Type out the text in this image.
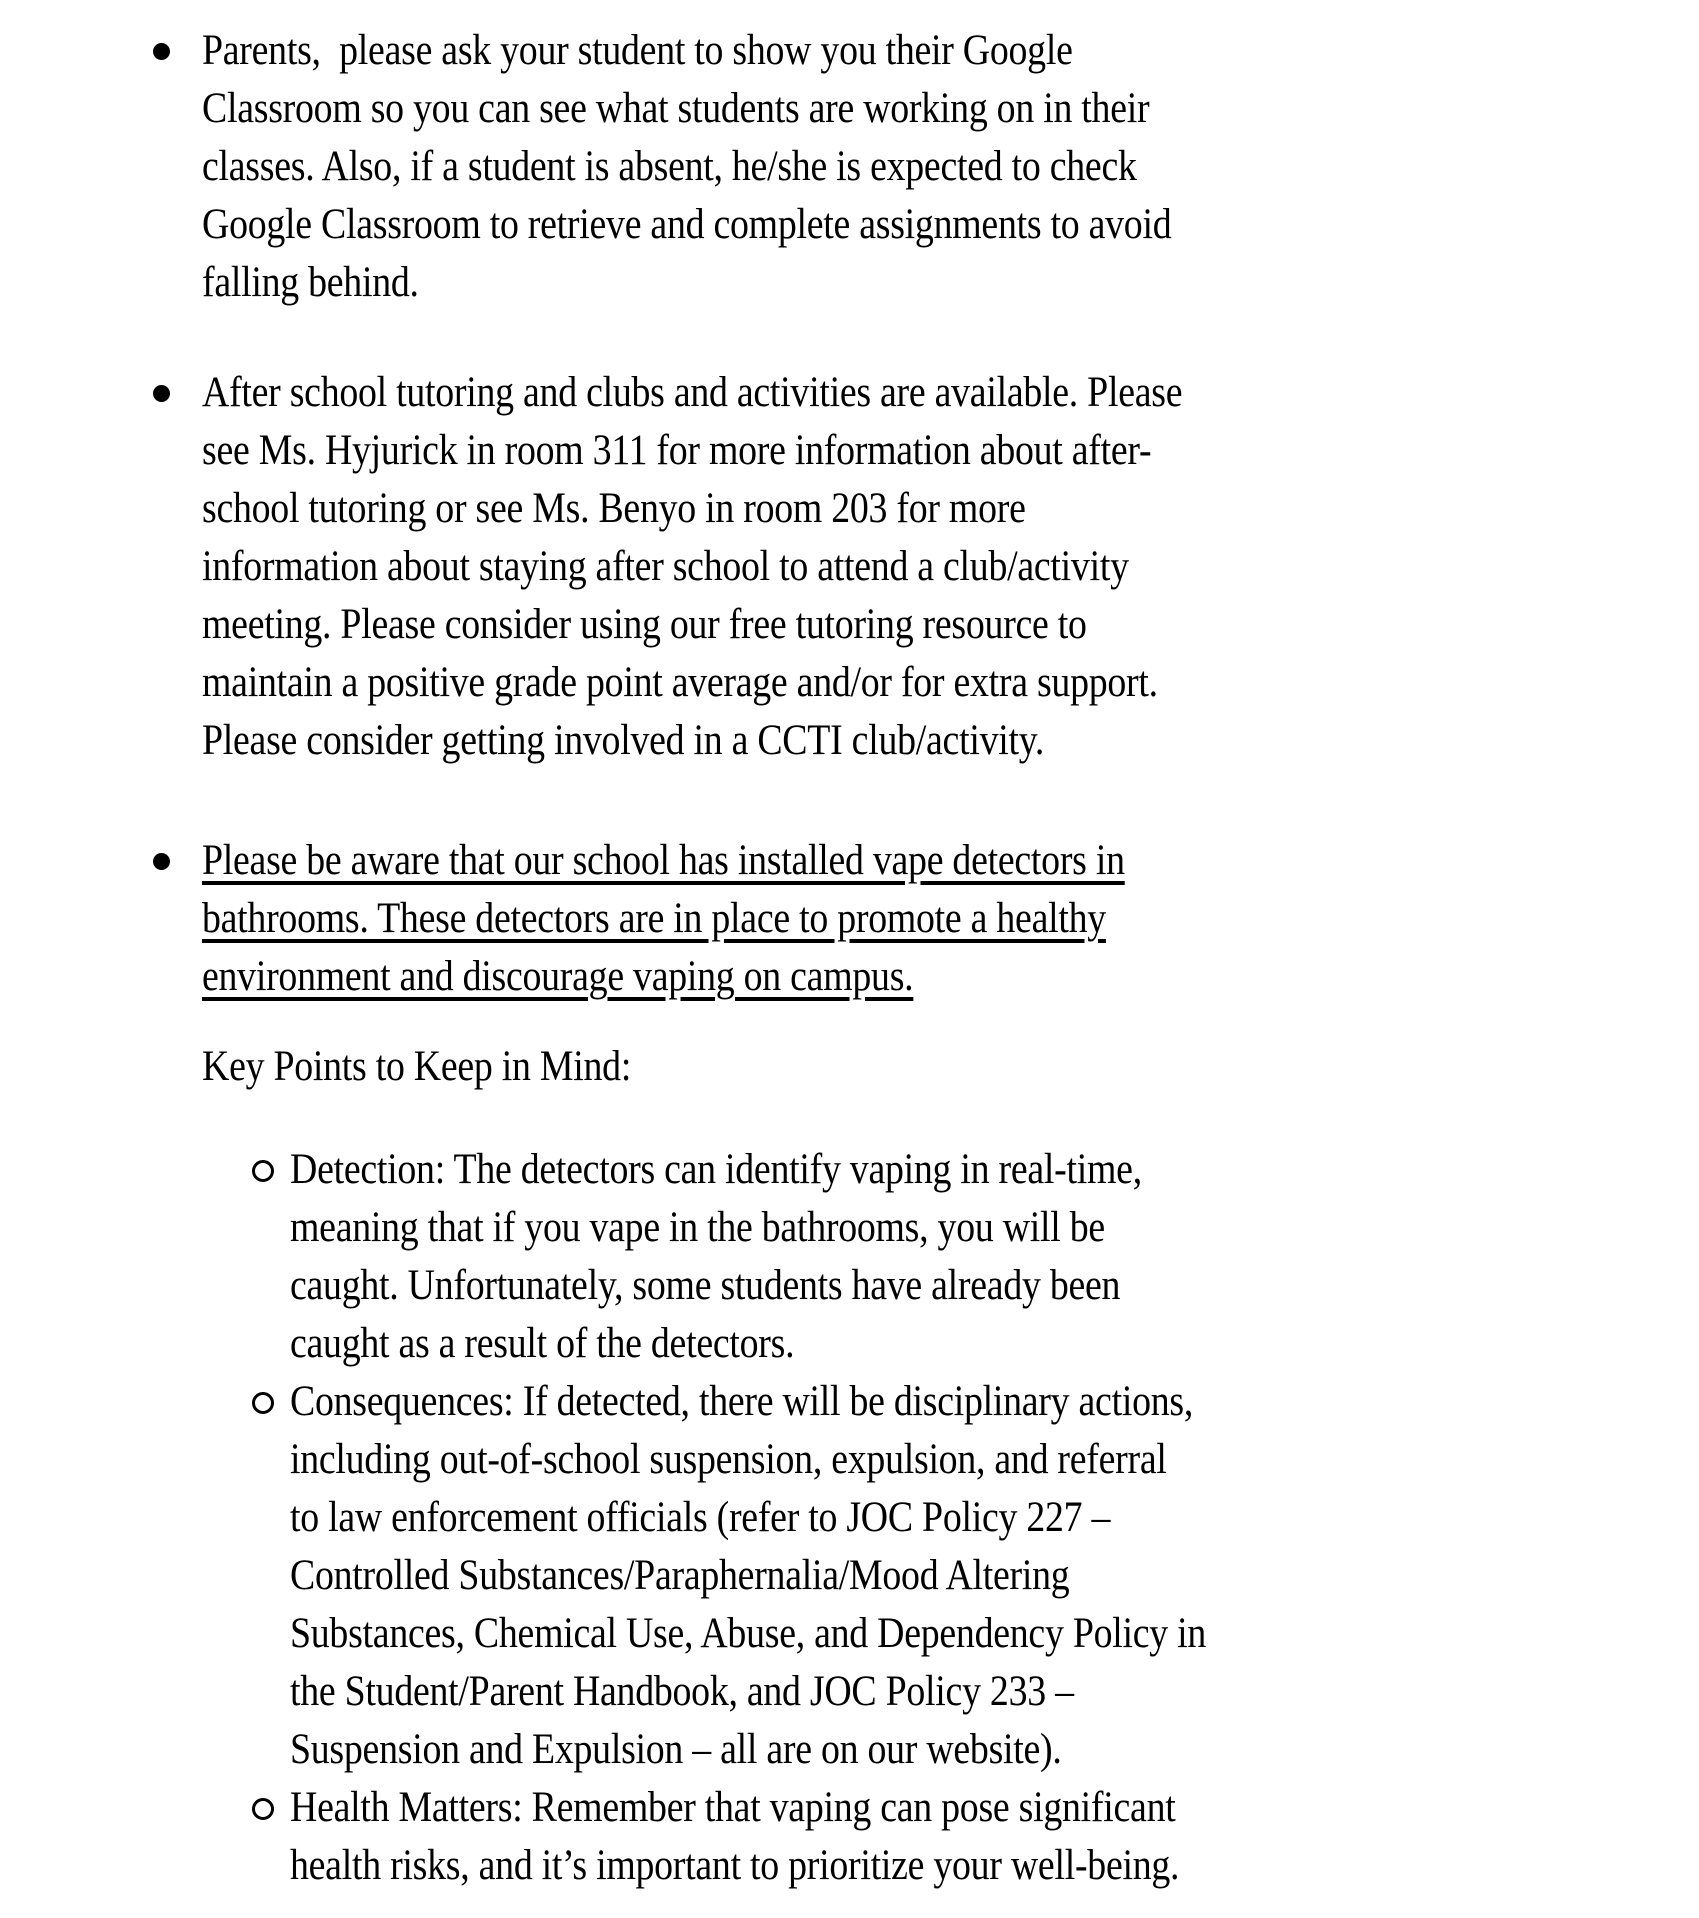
Parents,  please ask your student to show you their Google
Classroom so you can see what students are working on in their
classes. Also, if a student is absent, he/she is expected to check
Google Classroom to retrieve and complete assignments to avoid
falling behind.
After school tutoring and clubs and activities are available. Please
see Ms. Hyjurick in room 311 for more information about after-
school tutoring or see Ms. Benyo in room 203 for more
information about staying after school to attend a club/activity
meeting. Please consider using our free tutoring resource to
maintain a positive grade point average and/or for extra support.
Please consider getting involved in a CCTI club/activity.
Please be aware that our school has installed vape detectors in
bathrooms. These detectors are in place to promote a healthy
environment and discourage vaping on campus.
Key Points to Keep in Mind:
Detection: The detectors can identify vaping in real-time,
meaning that if you vape in the bathrooms, you will be
caught. Unfortunately, some students have already been
caught as a result of the detectors.
Consequences: If detected, there will be disciplinary actions,
including out-of-school suspension, expulsion, and referral
to law enforcement officials (refer to JOC Policy 227 –
Controlled Substances/Paraphernalia/Mood Altering
Substances, Chemical Use, Abuse, and Dependency Policy in
the Student/Parent Handbook, and JOC Policy 233 –
Suspension and Expulsion – all are on our website).
Health Matters: Remember that vaping can pose significant
health risks, and it’s important to prioritize your well-being.
